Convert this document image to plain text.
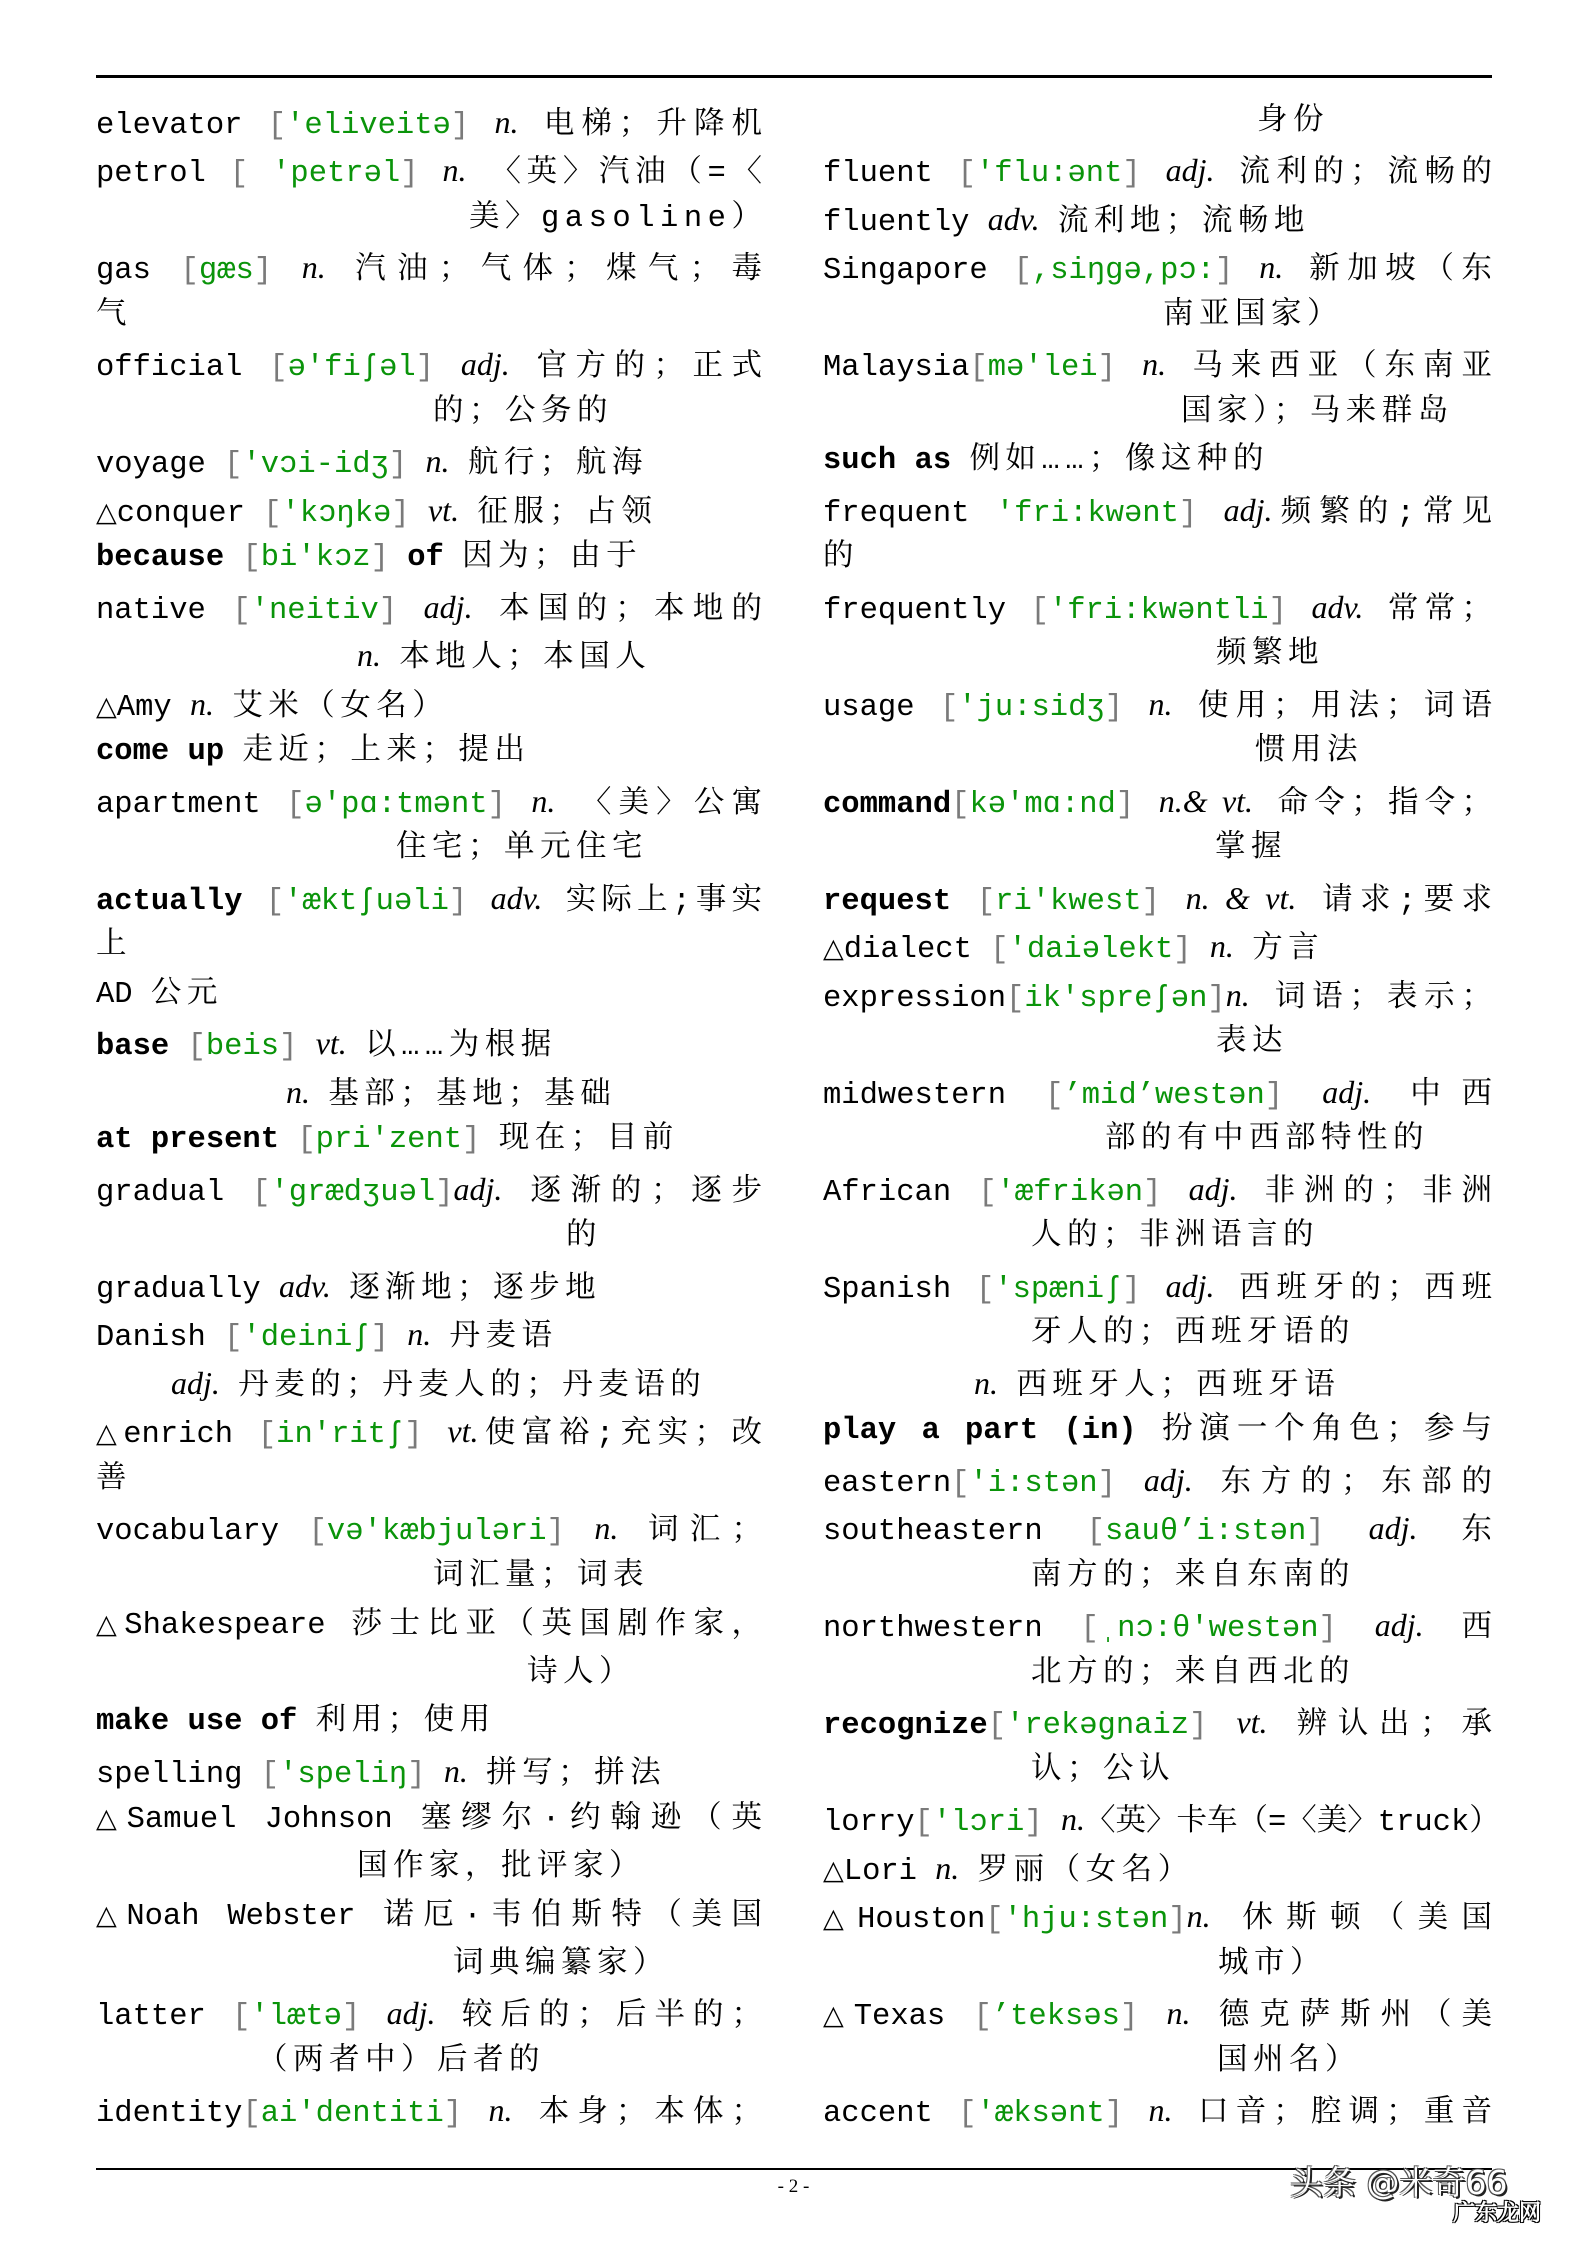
elevator ['eliveitə] n. 电梯；升降机
petrol [ 'petrəl] n. 〈英〉汽油（=〈
美〉gasoline）
gas [gæs] n. 汽油；气体；煤气；毒
气
official [ə'fiʃəl] adj. 官方的；正式
的；公务的
voyage ['vɔi-idʒ] n. 航行；航海
△conquer ['kɔŋkə] vt. 征服；占领
because [bi'kɔz] of 因为；由于
native ['neitiv] adj. 本国的；本地的
n. 本地人；本国人
△Amy n. 艾米（女名）
come up 走近；上来；提出
apartment [ə'pɑ:tmənt] n. 〈美〉公寓
住宅；单元住宅
actually ['æktʃuəli] adv. 实际上;事实
上
AD 公元
base [beis] vt. 以……为根据
n. 基部；基地；基础
at present [pri'zent] 现在；目前
gradual ['grædʒuəl]adj. 逐渐的；逐步
的
gradually adv. 逐渐地；逐步地
Danish ['deiniʃ] n. 丹麦语
adj. 丹麦的；丹麦人的；丹麦语的
△enrich [in'ritʃ] vt.使富裕;充实；改
善
vocabulary [və'kæbjuləri] n. 词汇；
词汇量；词表
△Shakespeare 莎士比亚（英国剧作家，
诗人）
make use of 利用；使用
spelling ['speliŋ] n. 拼写；拼法
△Samuel Johnson 塞缪尔·约翰逊（英
国作家，批评家）
△Noah Webster 诺厄·韦伯斯特（美国
词典编纂家）
latter ['lætə] adj. 较后的；后半的；
（两者中）后者的
identity[ai'dentiti] n. 本身；本体；
身份
fluent ['flu:ənt] adj. 流利的；流畅的
fluently adv. 流利地；流畅地
Singapore [,siŋgə,pɔ:] n. 新加坡（东
南亚国家）
Malaysia[mə'lei] n. 马来西亚（东南亚
国家）；马来群岛
such as 例如……；像这种的
frequent 'fri:kwənt] adj.频繁的;常见
的
frequently ['fri:kwəntli] adv. 常常；
频繁地
usage ['ju:sidʒ] n. 使用；用法；词语
惯用法
command[kə'mɑ:nd] n.& vt. 命令；指令；
掌握
request [ri'kwest] n. & vt. 请求;要求
△dialect ['daiəlekt] n. 方言
expression[ik'spreʃən]n. 词语；表示；
表达
midwestern [’mid’westən] adj. 中西
部的有中西部特性的
African ['æfrikən] adj. 非洲的；非洲
人的；非洲语言的
Spanish ['spæniʃ] adj. 西班牙的；西班
牙人的；西班牙语的
n. 西班牙人；西班牙语
play a part (in) 扮演一个角色；参与
eastern['i:stən] adj. 东方的；东部的
southeastern [sauθ’i:stən] adj. 东
南方的；来自东南的
northwestern [ˌnɔ:θ'westən] adj. 西
北方的；来自西北的
recognize['rekəgnaiz] vt. 辨认出；承
认；公认
lorry['lɔri] n.〈英〉卡车（=〈美〉truck）
△Lori n. 罗丽（女名）
△Houston['hju:stən]n. 休斯顿（美国
城市）
△Texas [’teksəs] n. 德克萨斯州（美
国州名）
accent ['æksənt] n. 口音；腔调；重音
- 2 -	头条 @米奇66
广东龙网
